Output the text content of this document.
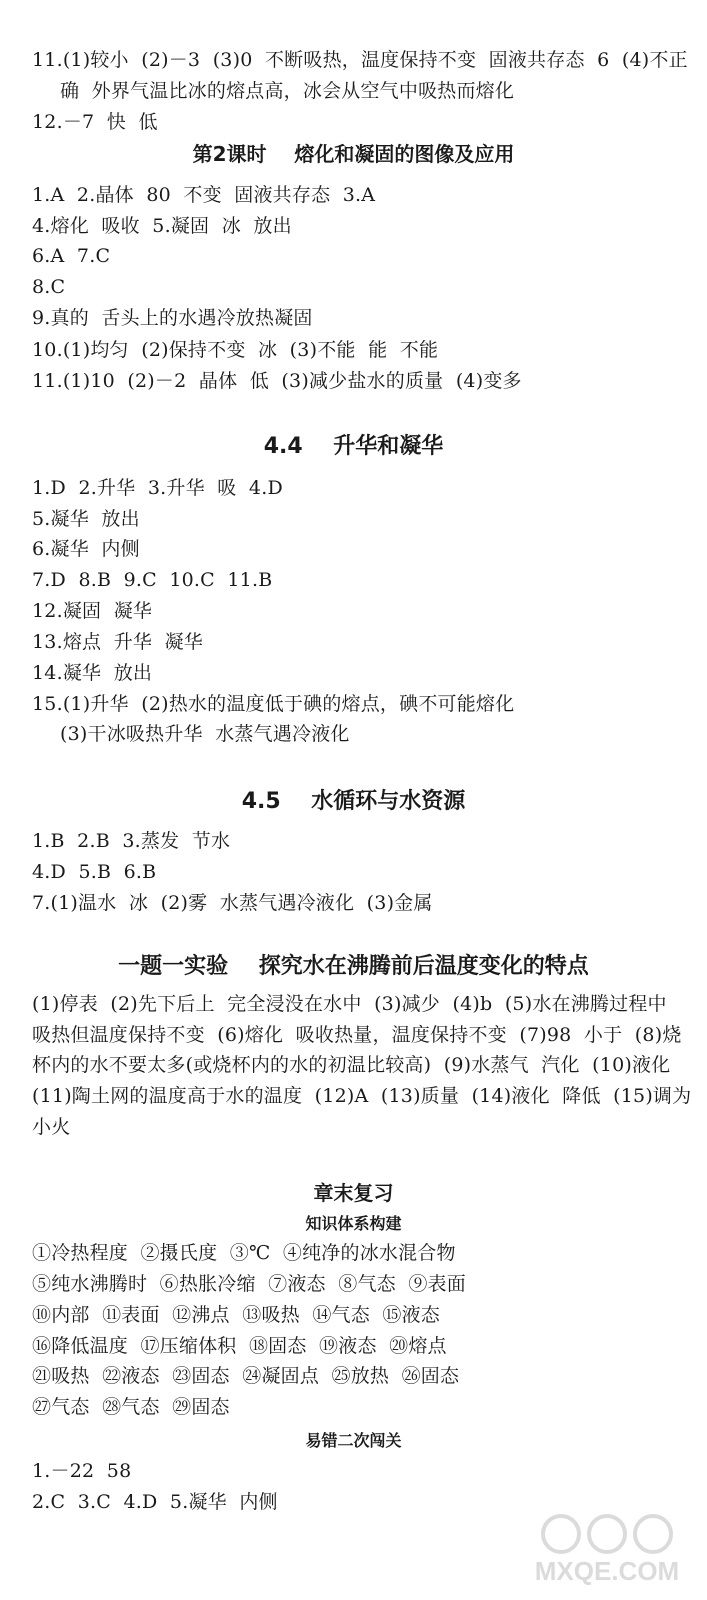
11.(1)较小  (2)－3  (3)0  不断吸热，温度保持不变  固液共存态  6  (4)不正
确  外界气温比冰的熔点高，冰会从空气中吸热而熔化
12.－7  快  低
第2课时    熔化和凝固的图像及应用
1.A  2.晶体  80  不变  固液共存态  3.A
4.熔化  吸收  5.凝固  冰  放出
6.A  7.C
8.C
9.真的  舌头上的水遇冷放热凝固
10.(1)均匀  (2)保持不变  冰  (3)不能  能  不能
11.(1)10  (2)－2  晶体  低  (3)减少盐水的质量  (4)变多
4.4    升华和凝华
1.D  2.升华  3.升华  吸  4.D
5.凝华  放出
6.凝华  内侧
7.D  8.B  9.C  10.C  11.B
12.凝固  凝华
13.熔点  升华  凝华
14.凝华  放出
15.(1)升华  (2)热水的温度低于碘的熔点，碘不可能熔化
(3)干冰吸热升华  水蒸气遇冷液化
4.5    水循环与水资源
1.B  2.B  3.蒸发  节水
4.D  5.B  6.B
7.(1)温水  冰  (2)雾  水蒸气遇冷液化  (3)金属
一题一实验    探究水在沸腾前后温度变化的特点
(1)停表  (2)先下后上  完全浸没在水中  (3)减少  (4)b  (5)水在沸腾过程中
吸热但温度保持不变  (6)熔化  吸收热量，温度保持不变  (7)98  小于  (8)烧
杯内的水不要太多(或烧杯内的水的初温比较高)  (9)水蒸气  汽化  (10)液化
(11)陶土网的温度高于水的温度  (12)A  (13)质量  (14)液化  降低  (15)调为
小火
章末复习
知识体系构建
①冷热程度  ②摄氏度  ③℃  ④纯净的冰水混合物
⑤纯水沸腾时  ⑥热胀冷缩  ⑦液态  ⑧气态  ⑨表面
⑩内部  ⑪表面  ⑫沸点  ⑬吸热  ⑭气态  ⑮液态
⑯降低温度  ⑰压缩体积  ⑱固态  ⑲液态  ⑳熔点
㉑吸热  ㉒液态  ㉓固态  ㉔凝固点  ㉕放热  ㉖固态
㉗气态  ㉘气态  ㉙固态
易错二次闯关
1.－22  58
2.C  3.C  4.D  5.凝华  内侧
MXQE.COM
